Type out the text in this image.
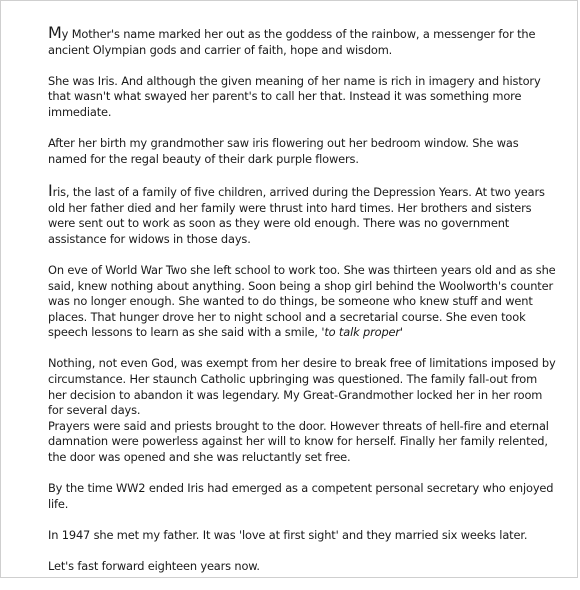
My Mother's name marked her out as the goddess of the rainbow, a messenger for the ancient Olympian gods and carrier of faith, hope and wisdom.

She was Iris. And although the given meaning of her name is rich in imagery and history that wasn't what swayed her parent's to call her that. Instead it was something more immediate.

After her birth my grandmother saw iris flowering out her bedroom window. She was named for the regal beauty of their dark purple flowers.

Iris, the last of a family of five children, arrived during the Depression Years. At two years old her father died and her family were thrust into hard times. Her brothers and sisters were sent out to work as soon as they were old enough. There was no government assistance for widows in those days.

On eve of World War Two she left school to work too. She was thirteen years old and as she said, knew nothing about anything. Soon being a shop girl behind the Woolworth's counter was no longer enough. She wanted to do things, be someone who knew stuff and went places. That hunger drove her to night school and a secretarial course. She even took speech lessons to learn as she said with a smile, 'to talk proper'

Nothing, not even God, was exempt from her desire to break free of limitations imposed by circumstance. Her staunch Catholic upbringing was questioned. The family fall-out from her decision to abandon it was legendary. My Great-Grandmother locked her in her room for several days.

Prayers were said and priests brought to the door. However threats of hell-fire and eternal damnation were powerless against her will to know for herself. Finally her family relented, the door was opened and she was reluctantly set free.

By the time WW2 ended Iris had emerged as a competent personal secretary who enjoyed life.

In 1947 she met my father. It was 'love at first sight' and they married six weeks later.

Let's fast forward eighteen years now.
